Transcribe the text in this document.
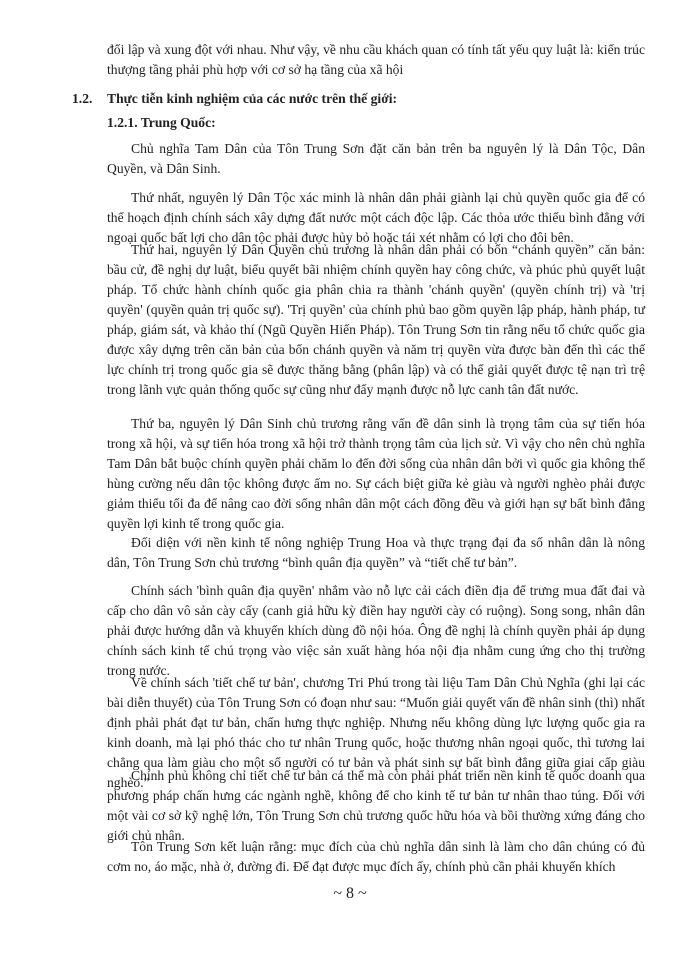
đối lập và xung đột với nhau. Như vậy, về nhu cầu khách quan có tính tất yếu quy luật là: kiến trúc thượng tầng phải phù hợp với cơ sở hạ tầng của xã hội

1.2. Thực tiễn kinh nghiệm của các nước trên thế giới:

1.2.1. Trung Quốc:

Chủ nghĩa Tam Dân của Tôn Trung Sơn đặt căn bản trên ba nguyên lý là Dân Tộc, Dân Quyền, và Dân Sinh.

Thứ nhất, nguyên lý Dân Tộc xác minh là nhân dân phải giành lại chủ quyền quốc gia để có thể hoạch định chính sách xây dựng đất nước một cách độc lập. Các thỏa ước thiếu bình đẳng với ngoại quốc bất lợi cho dân tộc phải được hủy bỏ hoặc tái xét nhằm có lợi cho đôi bên.

Thứ hai, nguyên lý Dân Quyền chủ trương là nhân dân phải có bốn “chánh quyền” căn bản: bầu cử, đề nghị dự luật, biểu quyết bãi nhiệm chính quyền hay công chức, và phúc phủ quyết luật pháp. Tổ chức hành chính quốc gia phân chia ra thành 'chánh quyền' (quyền chính trị) và 'trị quyền' (quyền quản trị quốc sự). 'Trị quyền' của chính phủ bao gồm quyền lập pháp, hành pháp, tư pháp, giám sát, và khảo thí (Ngũ Quyền Hiến Pháp). Tôn Trung Sơn tin rằng nếu tổ chức quốc gia được xây dựng trên căn bản của bốn chánh quyền và năm trị quyền vừa được bàn đến thì các thế lực chính trị trong quốc gia sẽ được thăng bằng (phân lập) và có thể giải quyết được tệ nạn trì trệ trong lãnh vực quản thống quốc sự cũng như đẩy mạnh được nỗ lực canh tân đất nước.

Thứ ba, nguyên lý Dân Sinh chủ trương rằng vấn đề dân sinh là trọng tâm của sự tiến hóa trong xã hội, và sự tiến hóa trong xã hội trở thành trọng tâm của lịch sử. Vì vậy cho nên chủ nghĩa Tam Dân bắt buộc chính quyền phải chăm lo đến đời sống của nhân dân bởi vì quốc gia không thể hùng cường nếu dân tộc không được ấm no. Sự cách biệt giữa kẻ giàu và người nghèo phải được giảm thiểu tối đa để nâng cao đời sống nhân dân một cách đồng đều và giới hạn sự bất bình đẳng quyền lợi kinh tế trong quốc gia.

Đối diện với nền kinh tế nông nghiệp Trung Hoa và thực trạng đại đa số nhân dân là nông dân, Tôn Trung Sơn chủ trương “bình quân địa quyền” và “tiết chế tư bản”.

Chính sách 'bình quân địa quyền' nhắm vào nỗ lực cải cách điền địa để trưng mua đất đai và cấp cho dân vô sản cày cấy (canh giả hữu kỳ điền hay người cày có ruộng). Song song, nhân dân phải được hướng dẫn và khuyến khích dùng đồ nội hóa. Ông đề nghị là chính quyền phải áp dụng chính sách kinh tế chú trọng vào việc sản xuất hàng hóa nội địa nhằm cung ứng cho thị trường trong nước.

Về chính sách 'tiết chế tư bản', chương Tri Phú trong tài liệu Tam Dân Chủ Nghĩa (ghi lại các bài diễn thuyết) của Tôn Trung Sơn có đoạn như sau: “Muốn giải quyết vấn đề nhân sinh (thì) nhất định phải phát đạt tư bản, chấn hưng thực nghiệp. Nhưng nếu không dùng lực lượng quốc gia ra kinh doanh, mà lại phó thác cho tư nhân Trung quốc, hoặc thương nhân ngoại quốc, thì tương lai chẳng qua làm giàu cho một số người có tư bản và phát sinh sự bất bình đẳng giữa giai cấp giàu nghèo.”

Chính phủ không chỉ tiết chế tư bản cá thể mà còn phải phát triển nền kinh tế quốc doanh qua phương pháp chấn hưng các ngành nghề, không để cho kinh tế tư bản tư nhân thao túng. Đối với một vài cơ sở kỹ nghệ lớn, Tôn Trung Sơn chủ trương quốc hữu hóa và bồi thường xứng đáng cho giới chủ nhân.

Tôn Trung Sơn kết luận rằng: mục đích của chủ nghĩa dân sinh là làm cho dân chúng có đủ cơm no, áo mặc, nhà ở, đường đi. Để đạt được mục đích ấy, chính phủ cần phải khuyến khích

~ 8 ~
